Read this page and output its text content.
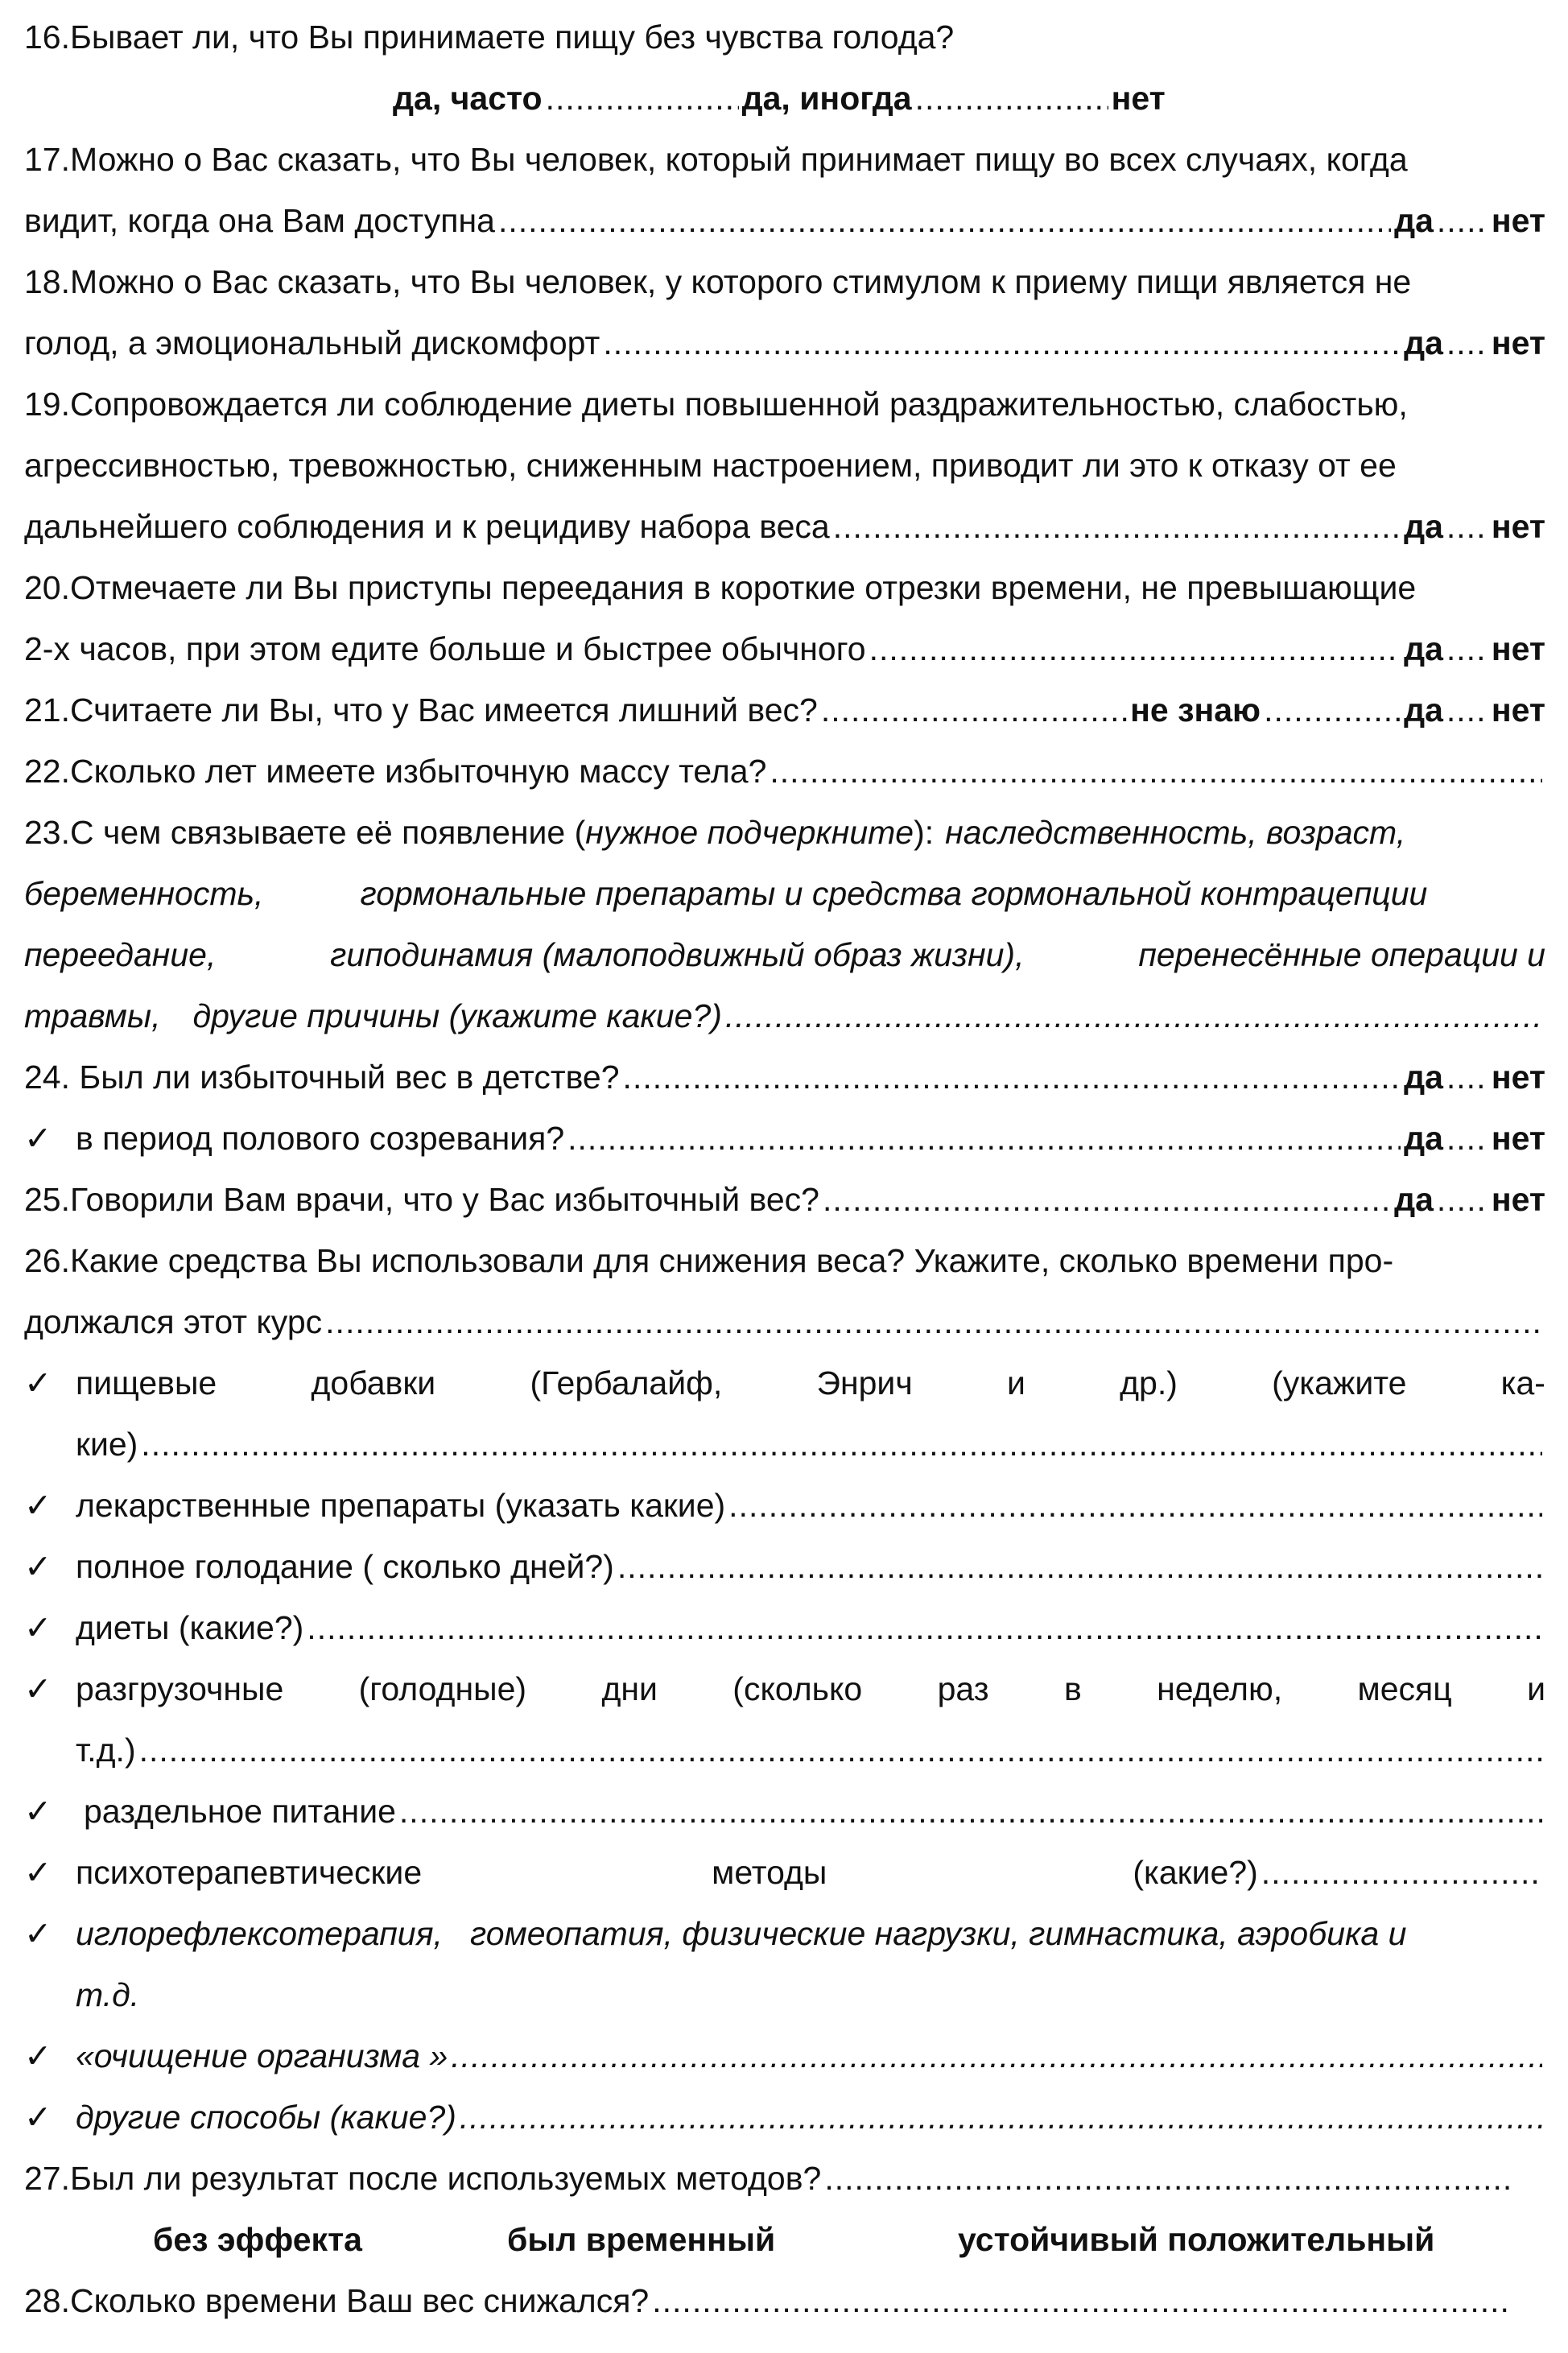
16.Бывает ли, что Вы принимаете пищу без чувства голода?
да, часто .....	да, иногда .....	нет
17.Можно о Вас сказать, что Вы человек, который принимает пищу во всех случаях, когда
видит, когда она Вам доступна .....	да ..... нет
18.Можно о Вас сказать, что Вы человек, у которого стимулом к приему пищи является не
голод, а эмоциональный дискомфорт .....	да ..... нет
19.Сопровождается ли соблюдение диеты повышенной раздражительностью, слабостью,
агрессивностью, тревожностью, сниженным настроением, приводит ли это к отказу от ее
дальнейшего соблюдения и к рецидиву набора веса .....	да ..... нет
20.Отмечаете ли Вы приступы переедания в короткие отрезки времени, не превышающие
2-х часов, при этом едите больше и быстрее обычного .....	да ..... нет
21.Считаете ли Вы, что у Вас имеется лишний вес? .....	не знаю .....	да ..... нет
22.Сколько лет имеете избыточную массу тела?
.....
23.С чем связываете её появление ( нужное подчеркните ): наследственность, возраст,
беременность,	гормональные препараты и средства гормональной контрацепции
переедание,	гиподинамия (малоподвижный образ жизни),	перенесённые операции и
травмы, другие причины (укажите какие?)
.....
24. Был ли избыточный вес в детстве? .....	да ..... нет
✓ в период полового созревания? .....	да ..... нет
25.Говорили Вам врачи, что у Вас избыточный вес? .....	да ..... нет
26.Какие средства Вы использовали для снижения веса? Укажите, сколько времени про-
должался этот курс
.....
✓ пищевые	добавки	(Гербалайф,	Энрич	и	др.)	(укажите	ка-
кие)
.....
✓ лекарственные препараты (указать какие)
.....
✓ полное голодание ( сколько дней?)
.....
✓ диеты (какие?)
.....
✓ разгрузочные (голодные) дни (сколько раз в неделю, месяц и
т.д.)
.....
✓ раздельное питание
.....
✓ психотерапевтические	методы	(какие?)
.....
✓ иглорефлексотерапия,   гомеопатия, физические нагрузки, гимнастика, аэробика и
т.д.
✓ «очищение организма »
.....
✓ другие способы (какие?)
.....
27.Был ли результат после используемых методов?
.....
без эффекта	был временный	устойчивый положительный
28.Сколько времени Ваш вес снижался?
.....
